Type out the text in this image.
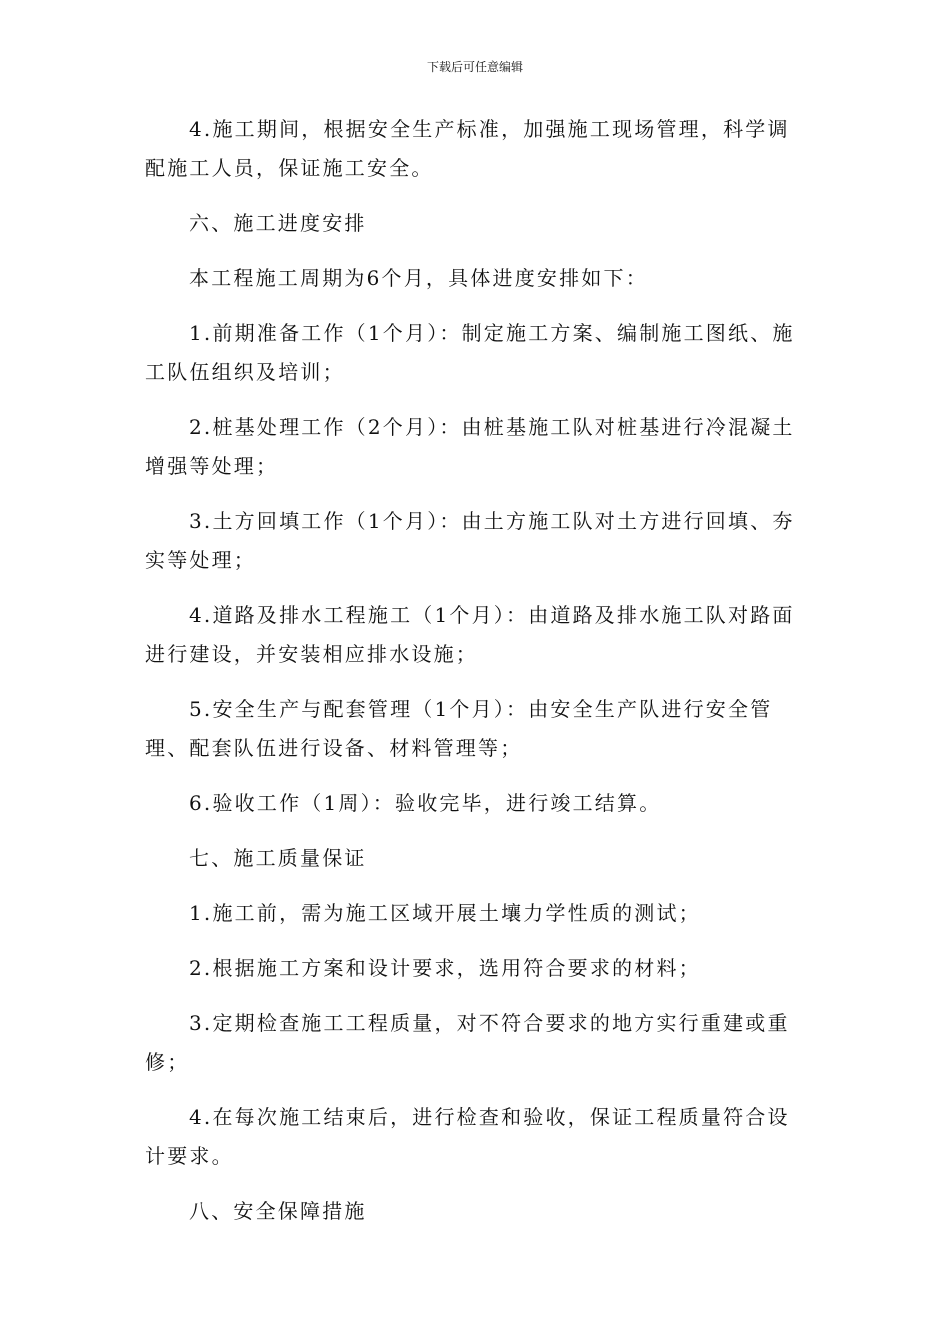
下载后可任意编辑

4.施工期间，根据安全生产标准，加强施工现场管理，科学调配施工人员，保证施工安全。

六、施工进度安排

本工程施工周期为6个月，具体进度安排如下：

1.前期准备工作（1个月）：制定施工方案、编制施工图纸、施工队伍组织及培训；

2.桩基处理工作（2个月）：由桩基施工队对桩基进行冷混凝土增强等处理；

3.土方回填工作（1个月）：由土方施工队对土方进行回填、夯实等处理；

4.道路及排水工程施工（1个月）：由道路及排水施工队对路面进行建设，并安装相应排水设施；

5.安全生产与配套管理（1个月）：由安全生产队进行安全管理、配套队伍进行设备、材料管理等；

6.验收工作（1周）：验收完毕，进行竣工结算。

七、施工质量保证

1.施工前，需为施工区域开展土壤力学性质的测试；

2.根据施工方案和设计要求，选用符合要求的材料；

3.定期检查施工工程质量，对不符合要求的地方实行重建或重修；

4.在每次施工结束后，进行检查和验收，保证工程质量符合设计要求。

八、安全保障措施
